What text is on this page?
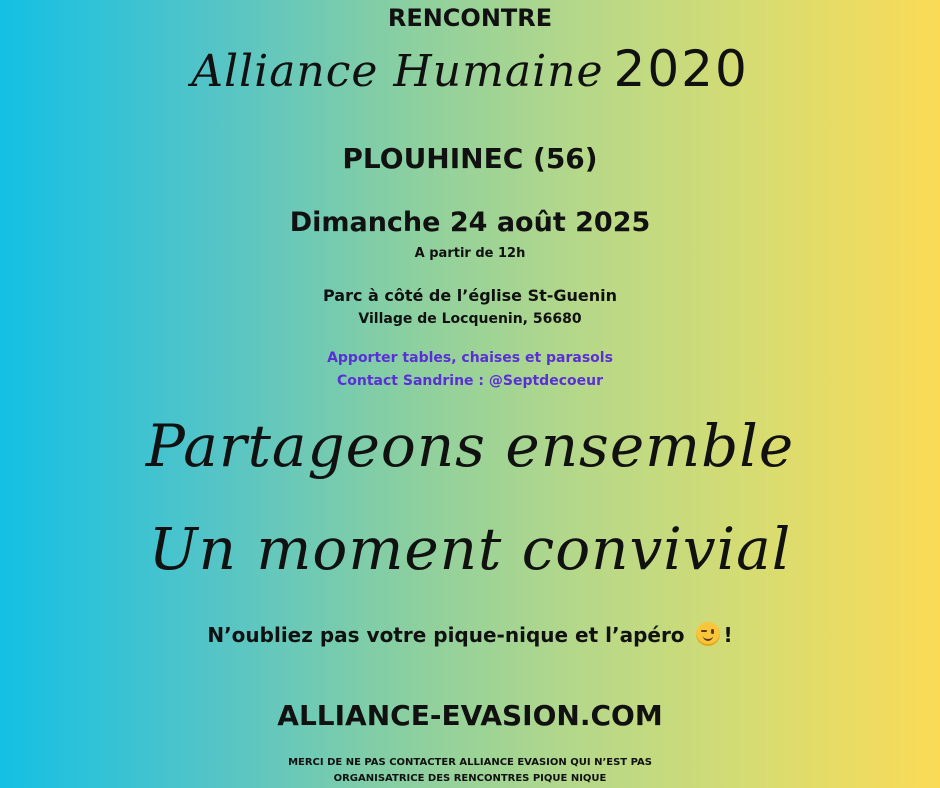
RENCONTRE
Alliance Humaine 2020
PLOUHINEC (56)
Dimanche 24 août 2025
A partir de 12h
Parc à côté de l’église St-Guenin
Village de Locquenin, 56680
Apporter tables, chaises et parasols
Contact Sandrine : @Septdecoeur
Partageons ensemble
Un moment convivial
N’oubliez pas votre pique-nique et l’apéro !
ALLIANCE-EVASION.COM
MERCI DE NE PAS CONTACTER ALLIANCE EVASION QUI N’EST PAS
ORGANISATRICE DES RENCONTRES PIQUE NIQUE
